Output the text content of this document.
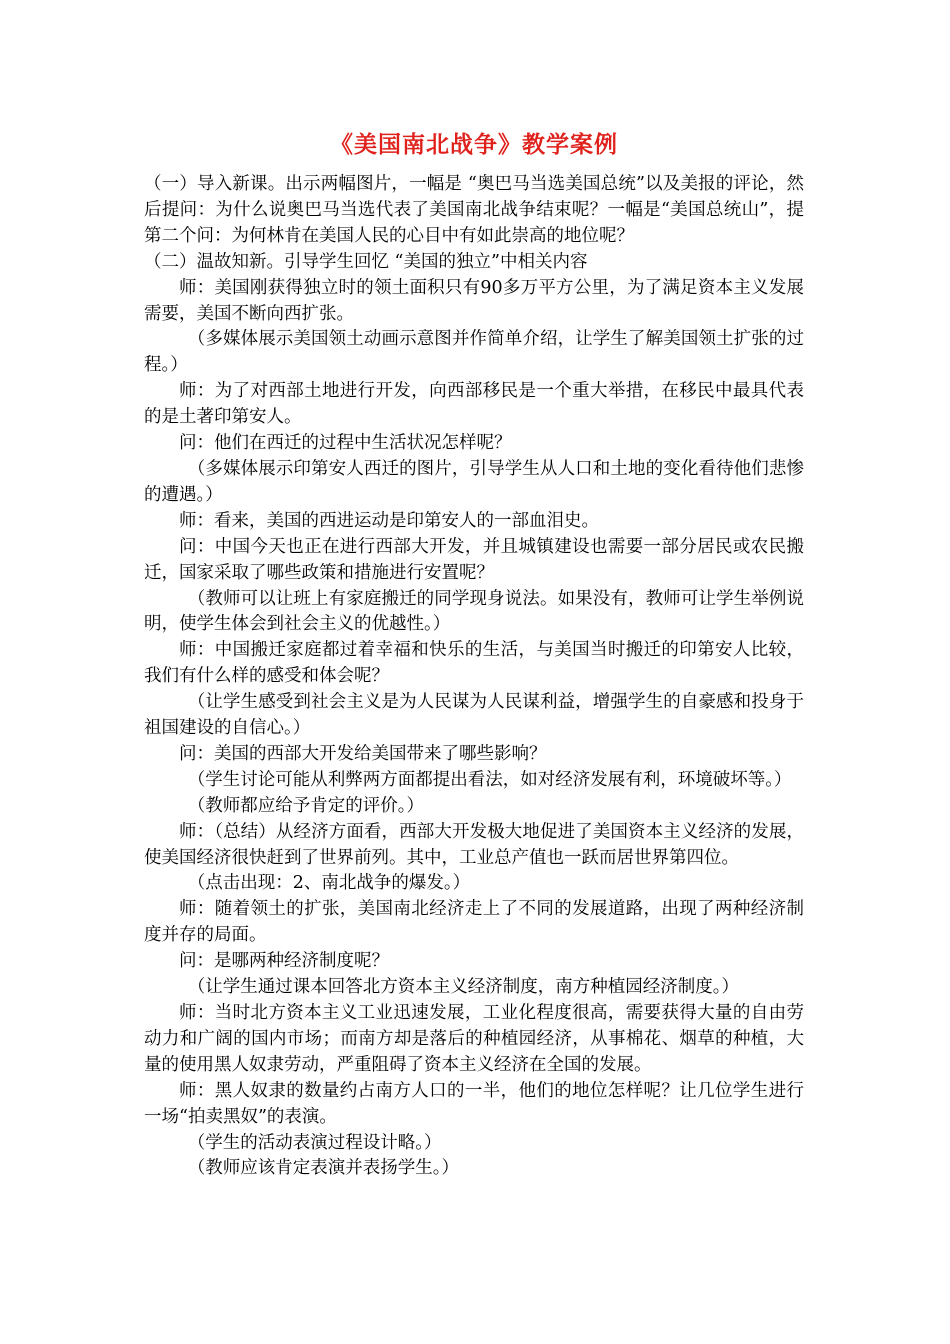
《美国南北战争》教学案例

（一）导入新课。出示两幅图片，一幅是 “奥巴马当选美国总统”以及美报的评论，然后提问：为什么说奥巴马当选代表了美国南北战争结束呢？一幅是“美国总统山”，提第二个问：为何林肯在美国人民的心目中有如此崇高的地位呢？

（二）温故知新。引导学生回忆 “美国的独立”中相关内容

师：美国刚获得独立时的领土面积只有90多万平方公里，为了满足资本主义发展需要，美国不断向西扩张。

（多媒体展示美国领土动画示意图并作简单介绍，让学生了解美国领土扩张的过程。）

师：为了对西部土地进行开发，向西部移民是一个重大举措，在移民中最具代表的是土著印第安人。

问：他们在西迁的过程中生活状况怎样呢？

（多媒体展示印第安人西迁的图片，引导学生从人口和土地的变化看待他们悲惨的遭遇。）

师：看来，美国的西进运动是印第安人的一部血泪史。

问：中国今天也正在进行西部大开发，并且城镇建设也需要一部分居民或农民搬迁，国家采取了哪些政策和措施进行安置呢？

（教师可以让班上有家庭搬迁的同学现身说法。如果没有，教师可让学生举例说明，使学生体会到社会主义的优越性。）

师：中国搬迁家庭都过着幸福和快乐的生活，与美国当时搬迁的印第安人比较，我们有什么样的感受和体会呢？

（让学生感受到社会主义是为人民谋为人民谋利益，增强学生的自豪感和投身于祖国建设的自信心。）

问：美国的西部大开发给美国带来了哪些影响？

（学生讨论可能从利弊两方面都提出看法，如对经济发展有利，环境破坏等。）

（教师都应给予肯定的评价。）

师：（总结）从经济方面看，西部大开发极大地促进了美国资本主义经济的发展，使美国经济很快赶到了世界前列。其中，工业总产值也一跃而居世界第四位。

（点击出现：2、南北战争的爆发。）

师：随着领土的扩张，美国南北经济走上了不同的发展道路，出现了两种经济制度并存的局面。

问：是哪两种经济制度呢？

（让学生通过课本回答北方资本主义经济制度，南方种植园经济制度。）

师：当时北方资本主义工业迅速发展，工业化程度很高，需要获得大量的自由劳动力和广阔的国内市场；而南方却是落后的种植园经济，从事棉花、烟草的种植，大量的使用黑人奴隶劳动，严重阻碍了资本主义经济在全国的发展。

师：黑人奴隶的数量约占南方人口的一半，他们的地位怎样呢？让几位学生进行一场“拍卖黑奴”的表演。

（学生的活动表演过程设计略。）

（教师应该肯定表演并表扬学生。）
